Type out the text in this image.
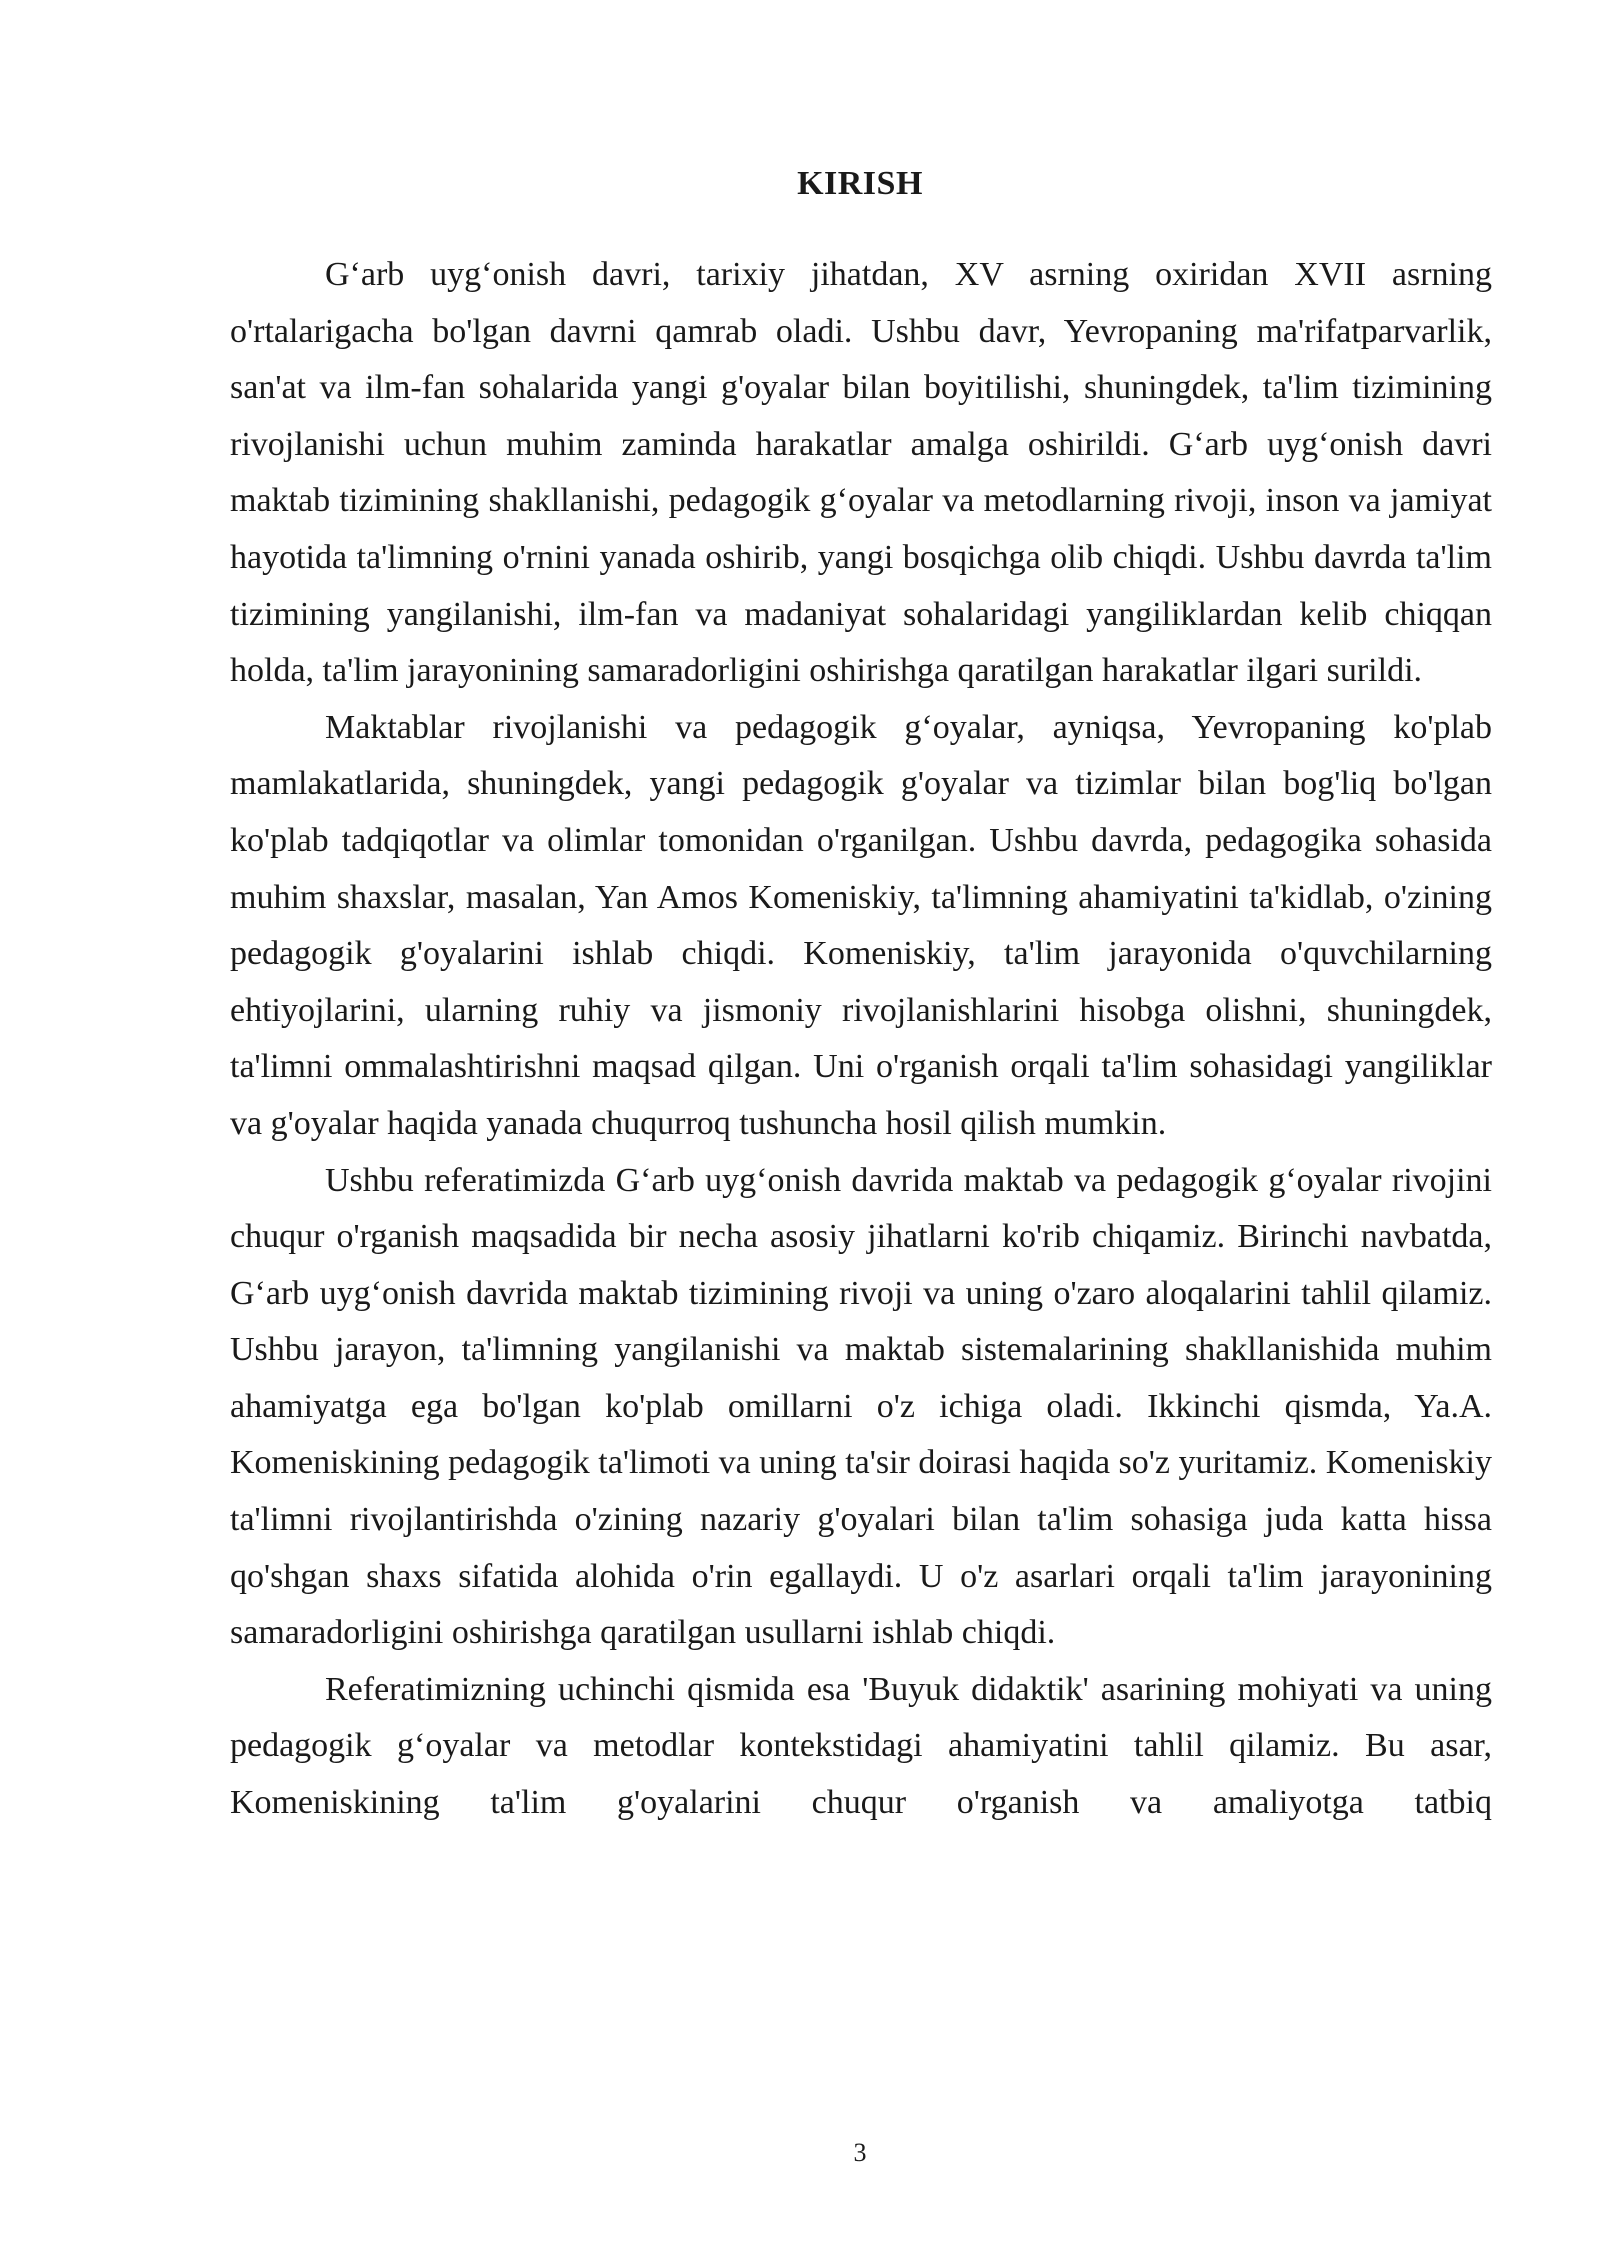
KIRISH

G‘arb uyg‘onish davri, tarixiy jihatdan, XV asrning oxiridan XVII asrning o'rtalarigacha bo'lgan davrni qamrab oladi. Ushbu davr, Yevropaning ma'rifatparvarlik, san'at va ilm-fan sohalarida yangi g'oyalar bilan boyitilishi, shuningdek, ta'lim tizimining rivojlanishi uchun muhim zaminda harakatlar amalga oshirildi. G‘arb uyg‘onish davri maktab tizimining shakllanishi, pedagogik g‘oyalar va metodlarning rivoji, inson va jamiyat hayotida ta'limning o'rnini yanada oshirib, yangi bosqichga olib chiqdi. Ushbu davrda ta'lim tizimining yangilanishi, ilm-fan va madaniyat sohalaridagi yangiliklardan kelib chiqqan holda, ta'lim jarayonining samaradorligini oshirishga qaratilgan harakatlar ilgari surildi.

Maktablar rivojlanishi va pedagogik g‘oyalar, ayniqsa, Yevropaning ko'plab mamlakatlarida, shuningdek, yangi pedagogik g'oyalar va tizimlar bilan bog'liq bo'lgan ko'plab tadqiqotlar va olimlar tomonidan o'rganilgan. Ushbu davrda, pedagogika sohasida muhim shaxslar, masalan, Yan Amos Komeniskiy, ta'limning ahamiyatini ta'kidlab, o'zining pedagogik g'oyalarini ishlab chiqdi. Komeniskiy, ta'lim jarayonida o'quvchilarning ehtiyojlarini, ularning ruhiy va jismoniy rivojlanishlarini hisobga olishni, shuningdek, ta'limni ommalashtirishni maqsad qilgan. Uni o'rganish orqali ta'lim sohasidagi yangiliklar va g'oyalar haqida yanada chuqurroq tushuncha hosil qilish mumkin.

Ushbu referatimizda G‘arb uyg‘onish davrida maktab va pedagogik g‘oyalar rivojini chuqur o'rganish maqsadida bir necha asosiy jihatlarni ko'rib chiqamiz. Birinchi navbatda, G‘arb uyg‘onish davrida maktab tizimining rivoji va uning o'zaro aloqalarini tahlil qilamiz. Ushbu jarayon, ta'limning yangilanishi va maktab sistemalarining shakllanishida muhim ahamiyatga ega bo'lgan ko'plab omillarni o'z ichiga oladi. Ikkinchi qismda, Ya.A. Komeniskining pedagogik ta'limoti va uning ta'sir doirasi haqida so'z yuritamiz. Komeniskiy ta'limni rivojlantirishda o'zining nazariy g'oyalari bilan ta'lim sohasiga juda katta hissa qo'shgan shaxs sifatida alohida o'rin egallaydi. U o'z asarlari orqali ta'lim jarayonining samaradorligini oshirishga qaratilgan usullarni ishlab chiqdi.

Referatimizning uchinchi qismida esa 'Buyuk didaktik' asarining mohiyati va uning pedagogik g‘oyalar va metodlar kontekstidagi ahamiyatini tahlil qilamiz. Bu asar, Komeniskining ta'lim g'oyalarini chuqur o'rganish va amaliyotga tatbiq

3
